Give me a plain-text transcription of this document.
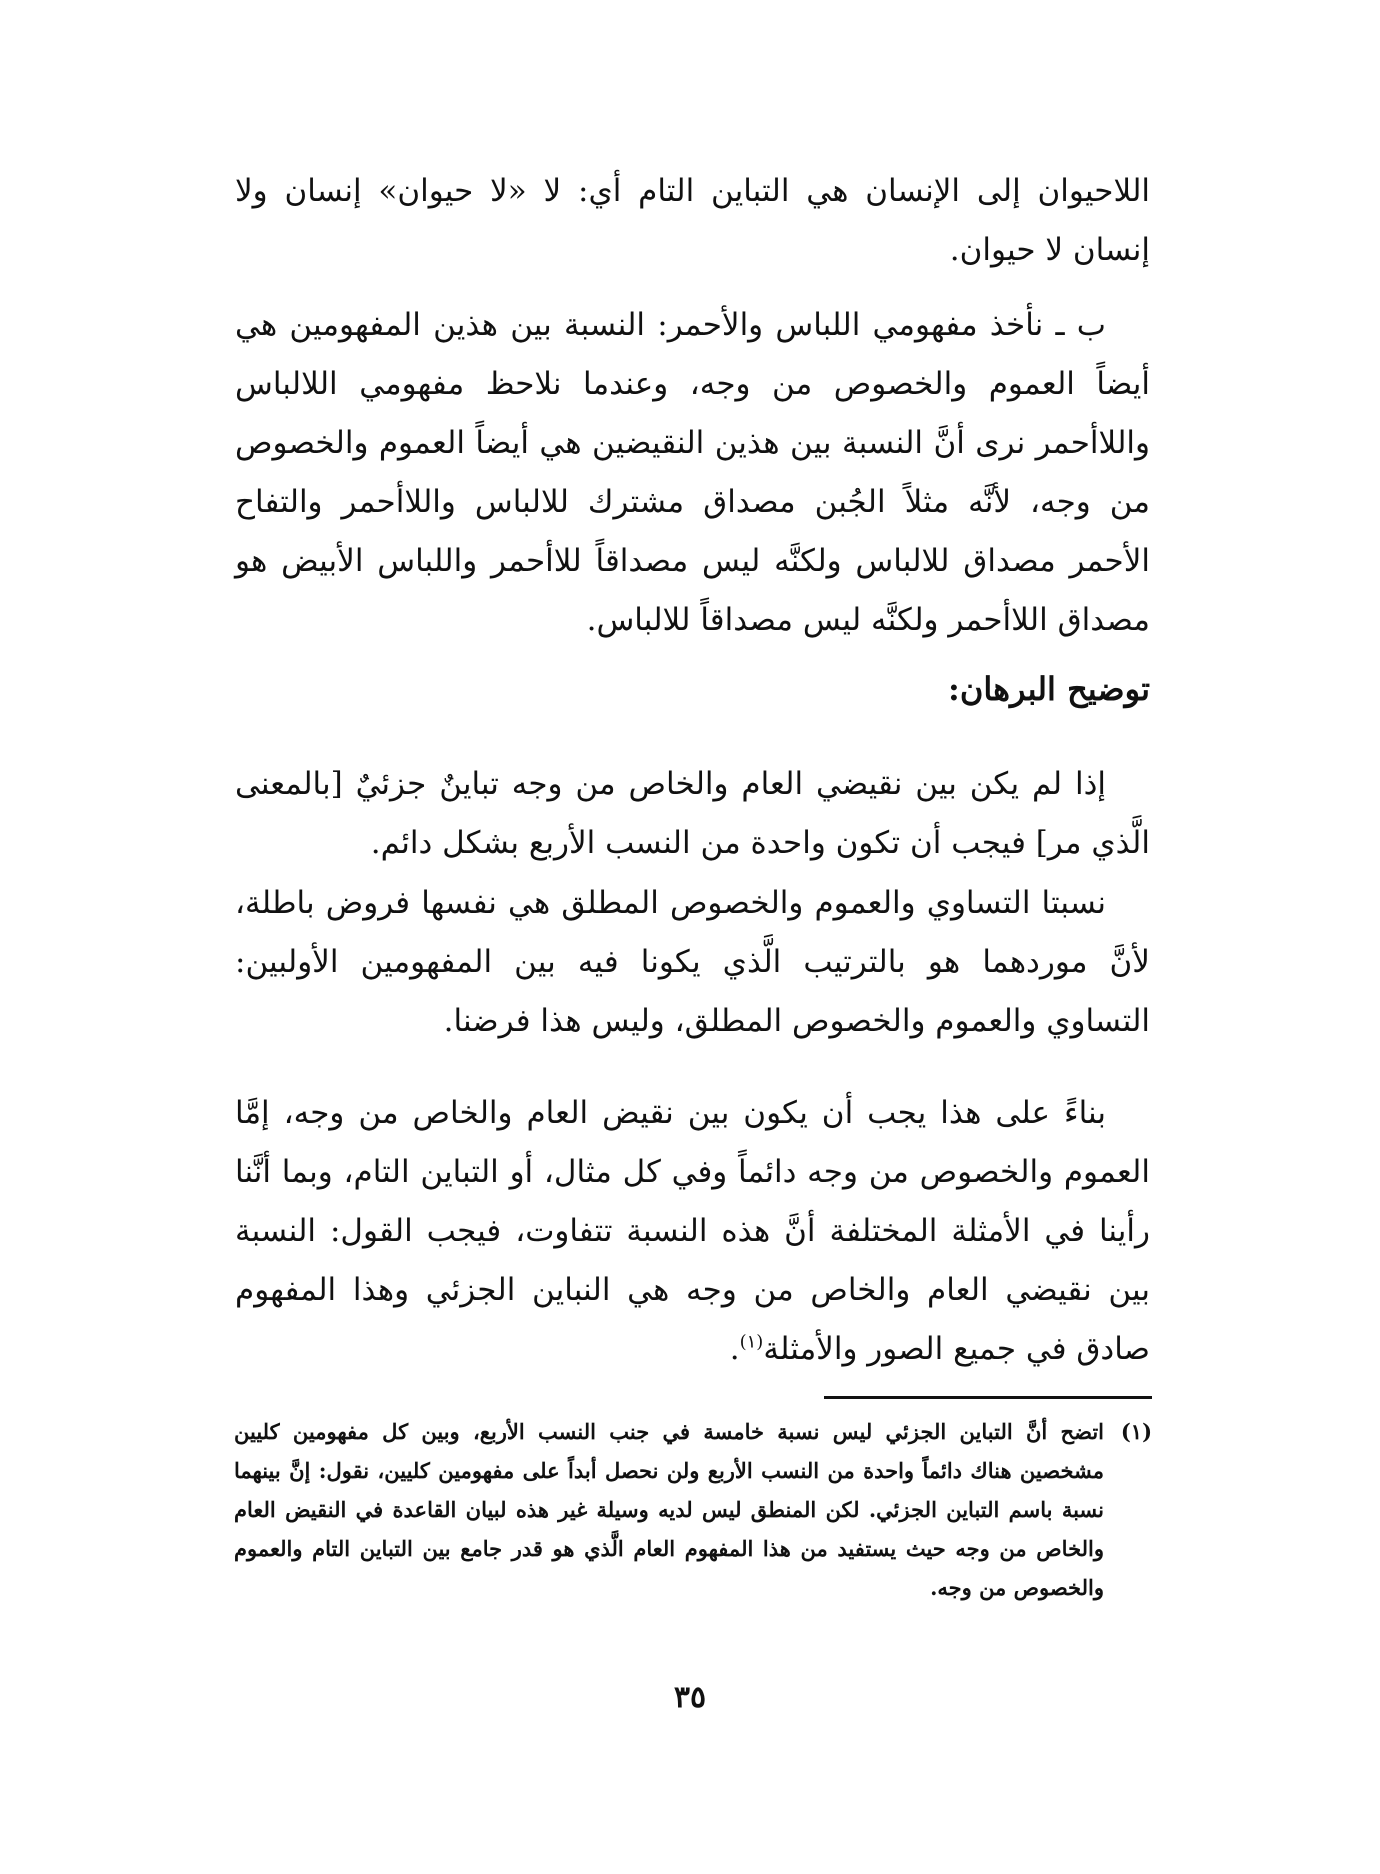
اللاحيوان إلى الإنسان هي التباين التام أي: لا «لا حيوان» إنسان ولا إنسان لا حيوان.

ب ـ نأخذ مفهومي اللباس والأحمر: النسبة بين هذين المفهومين هي أيضاً العموم والخصوص من وجه، وعندما نلاحظ مفهومي اللالباس واللاأحمر نرى أنَّ النسبة بين هذين النقيضين هي أيضاً العموم والخصوص من وجه، لأنَّه مثلاً الجُبن مصداق مشترك للالباس واللاأحمر والتفاح الأحمر مصداق للالباس ولكنَّه ليس مصداقاً للاأحمر واللباس الأبيض هو مصداق اللاأحمر ولكنَّه ليس مصداقاً للالباس.

توضيح البرهان:

إذا لم يكن بين نقيضي العام والخاص من وجه تباينٌ جزئيٌ [بالمعنى الَّذي مر] فيجب أن تكون واحدة من النسب الأربع بشكل دائم.

نسبتا التساوي والعموم والخصوص المطلق هي نفسها فروض باطلة، لأنَّ موردهما هو بالترتيب الَّذي يكونا فيه بين المفهومين الأولبين: التساوي والعموم والخصوص المطلق، وليس هذا فرضنا.

بناءً على هذا يجب أن يكون بين نقيض العام والخاص من وجه، إمَّا العموم والخصوص من وجه دائماً وفي كل مثال، أو التباين التام، وبما أنَّنا رأينا في الأمثلة المختلفة أنَّ هذه النسبة تتفاوت، فيجب القول: النسبة بين نقيضي العام والخاص من وجه هي النباين الجزئي وهذا المفهوم صادق في جميع الصور والأمثلة$^{(١)}$.

(١)
اتضح أنَّ التباين الجزئي ليس نسبة خامسة في جنب النسب الأربع، وبين كل مفهومين كليين مشخصين هناك دائماً واحدة من النسب الأربع ولن نحصل أبداً على مفهومين كليين، نقول: إنَّ بينهما نسبة باسم التباين الجزئي. لكن المنطق ليس لديه وسيلة غير هذه لبيان القاعدة في النقيض العام والخاص من وجه حيث يستفيد من هذا المفهوم العام الَّذي هو قدر جامع بين التباين التام والعموم والخصوص من وجه.
٣٥
